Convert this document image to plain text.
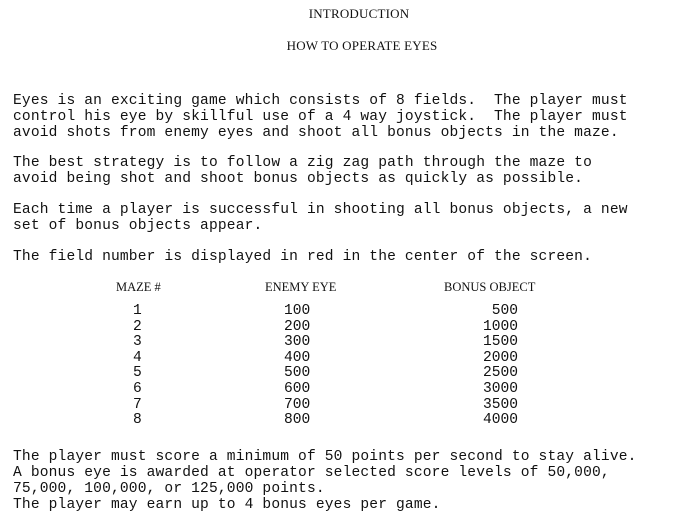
INTRODUCTION
HOW TO OPERATE EYES
Eyes is an exciting game which consists of 8 fields.  The player must
control his eye by skillful use of a 4 way joystick.  The player must
avoid shots from enemy eyes and shoot all bonus objects in the maze.
The best strategy is to follow a zig zag path through the maze to
avoid being shot and shoot bonus objects as quickly as possible.
Each time a player is successful in shooting all bonus objects, a new
set of bonus objects appear.
The field number is displayed in red in the center of the screen.
MAZE #	ENEMY EYE	BONUS OBJECT
1	100	500
2	200	1000
3	300	1500
4	400	2000
5	500	2500
6	600	3000
7	700	3500
8	800	4000
The player must score a minimum of 50 points per second to stay alive.
A bonus eye is awarded at operator selected score levels of 50,000,
75,000, 100,000, or 125,000 points.
The player may earn up to 4 bonus eyes per game.
